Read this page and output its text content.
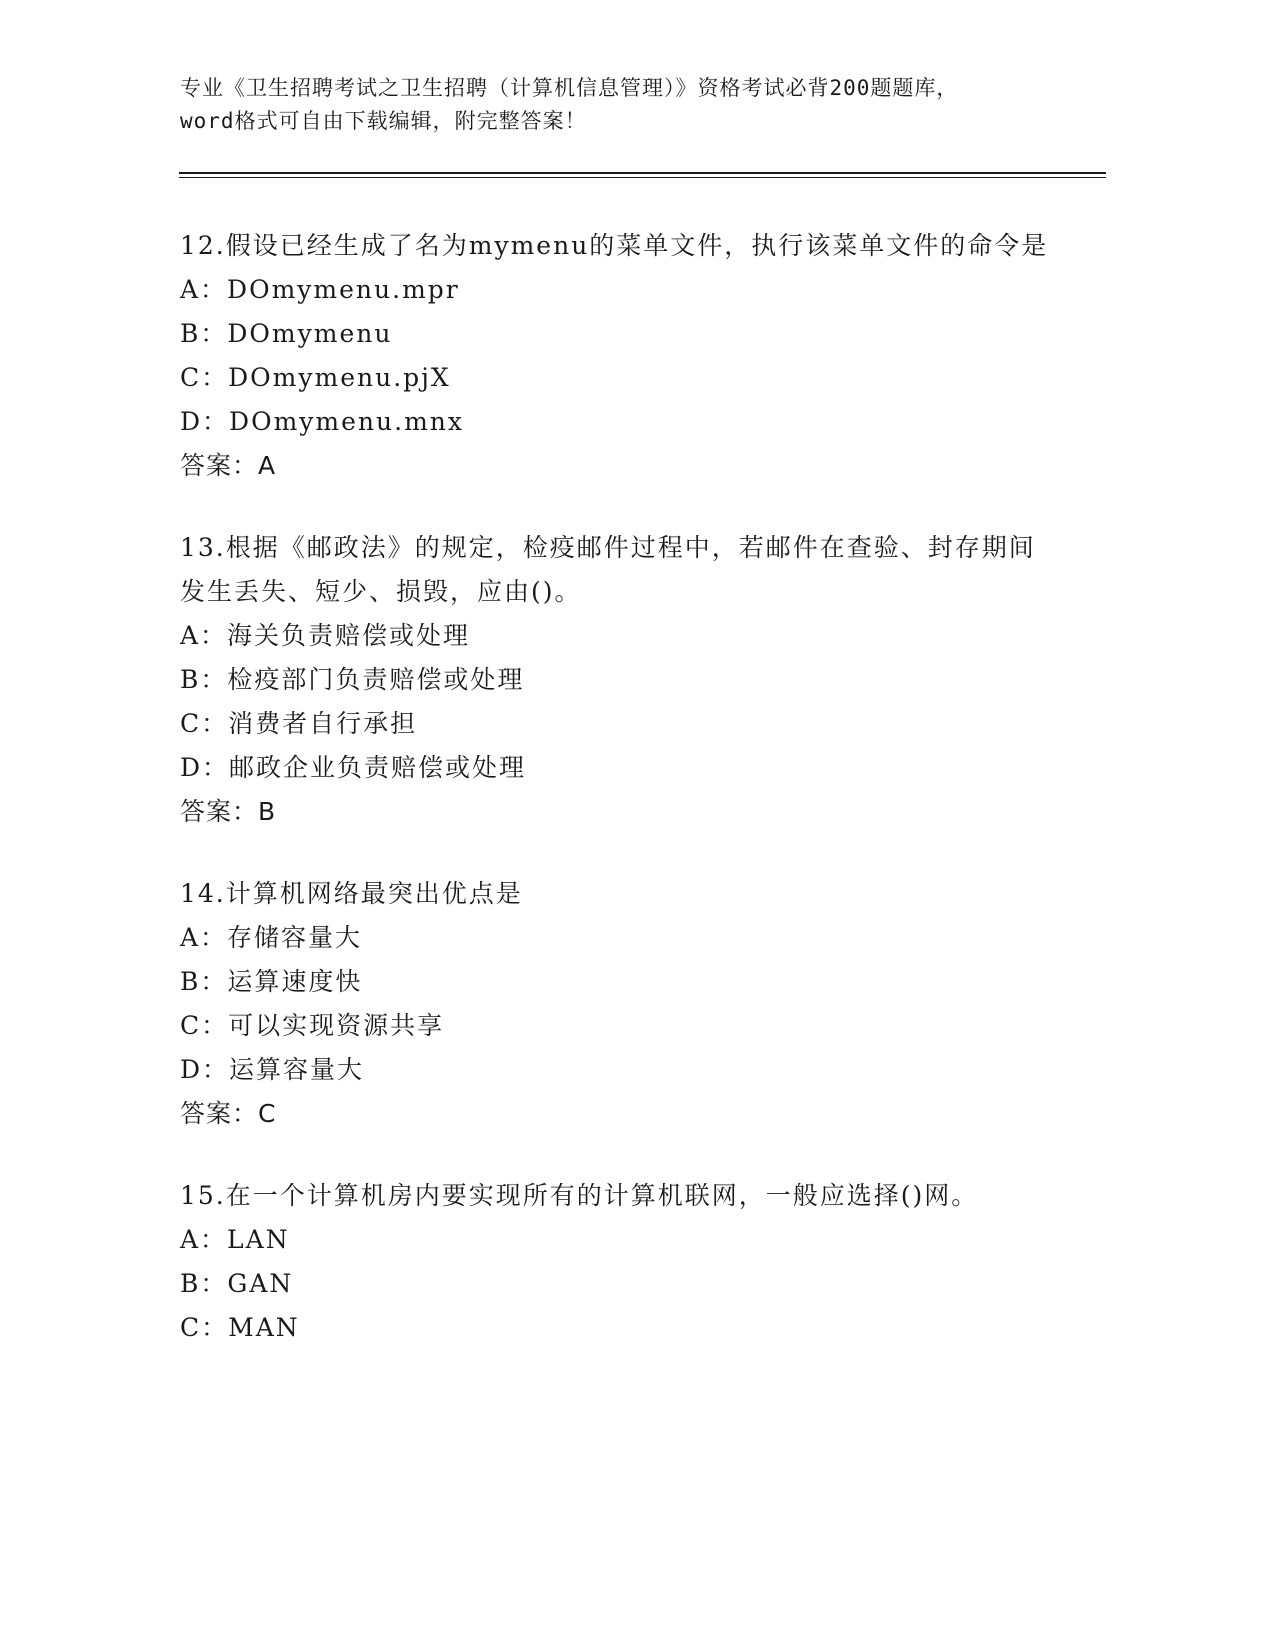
专业《卫生招聘考试之卫生招聘（计算机信息管理）》资格考试必背200题题库，
word格式可自由下载编辑，附完整答案！
12.假设已经生成了名为mymenu的菜单文件，执行该菜单文件的命令是
A：DOmymenu.mpr
B：DOmymenu
C：DOmymenu.pjX
D：DOmymenu.mnx
答案：A
13.根据《邮政法》的规定，检疫邮件过程中，若邮件在查验、封存期间发生丢失、短少、损毁，应由()。
A：海关负责赔偿或处理
B：检疫部门负责赔偿或处理
C：消费者自行承担
D：邮政企业负责赔偿或处理
答案：B
14.计算机网络最突出优点是
A：存储容量大
B：运算速度快
C：可以实现资源共享
D：运算容量大
答案：C
15.在一个计算机房内要实现所有的计算机联网，一般应选择()网。
A：LAN
B：GAN
C：MAN
